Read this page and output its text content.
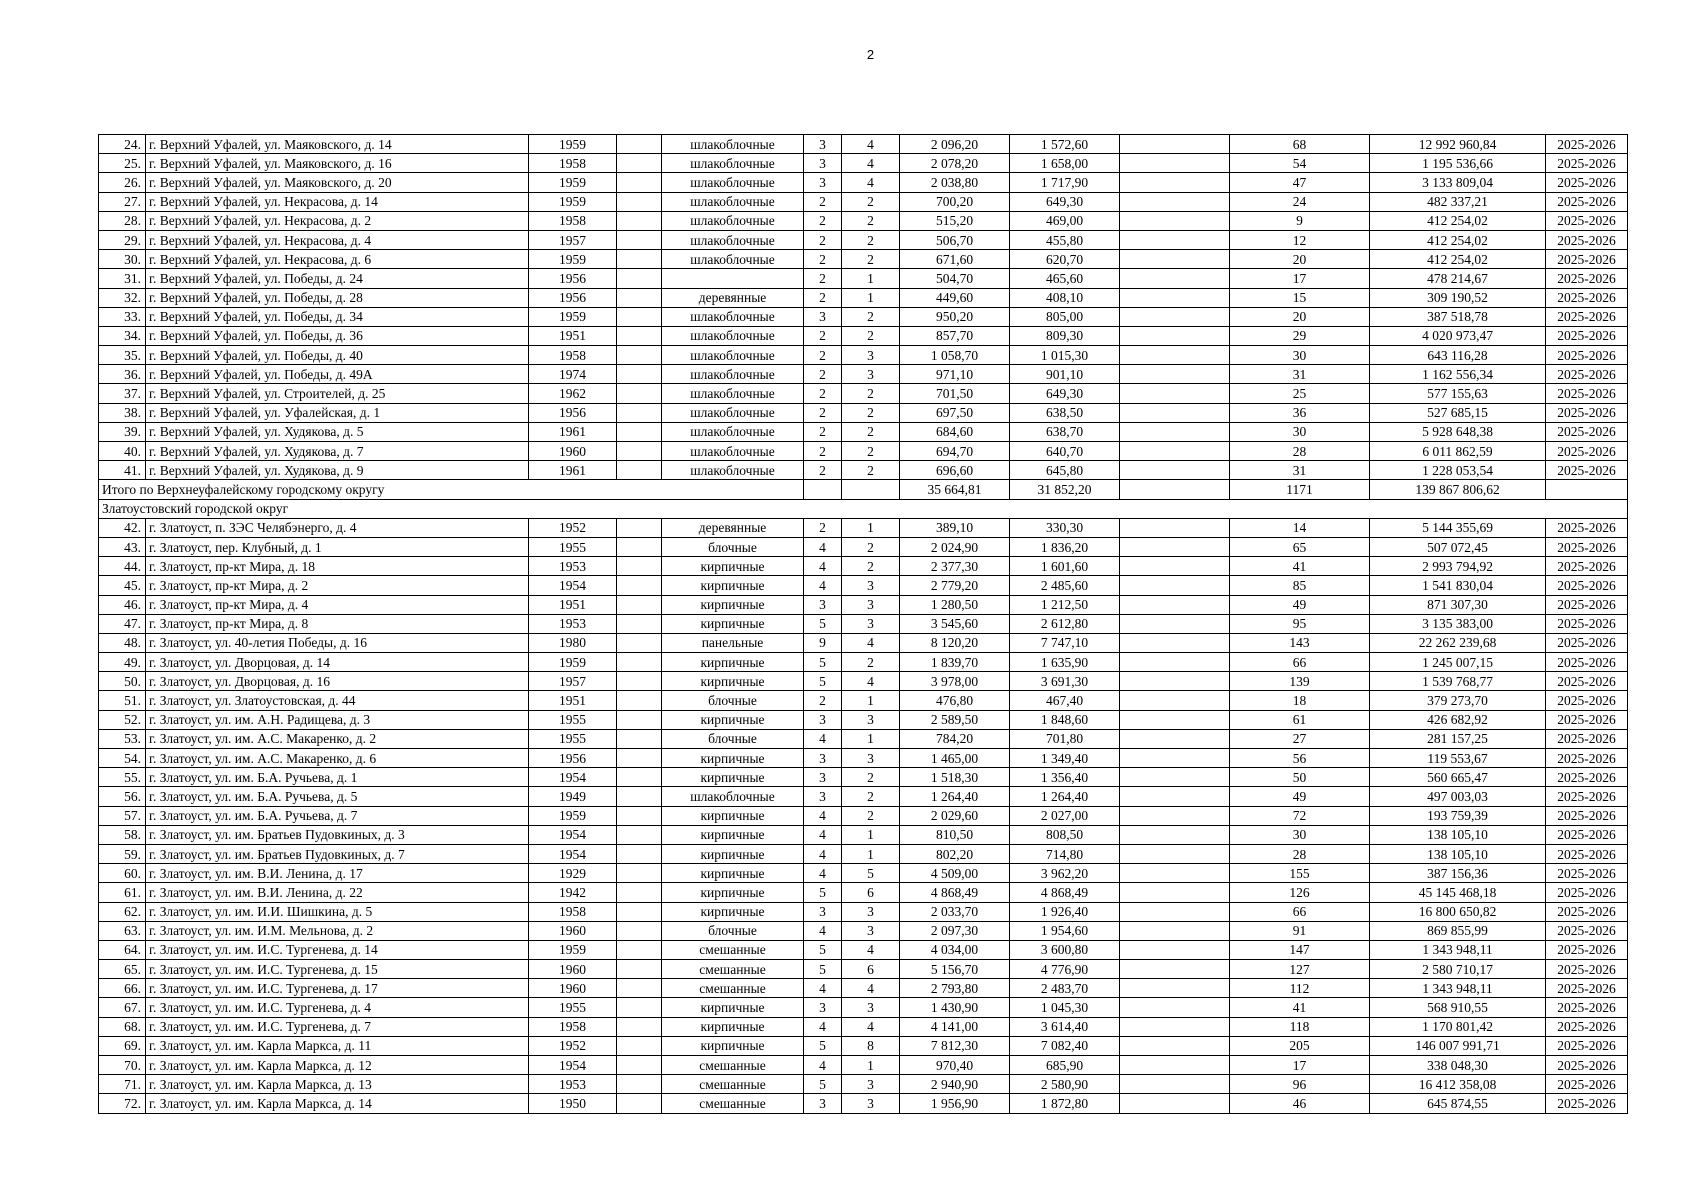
2
24.	г. Верхний Уфалей, ул. Маяковского, д. 14	1959		шлакоблочные	3	4	2 096,20	1 572,60		68	12 992 960,84	2025-2026
25.	г. Верхний Уфалей, ул. Маяковского, д. 16	1958		шлакоблочные	3	4	2 078,20	1 658,00		54	1 195 536,66	2025-2026
26.	г. Верхний Уфалей, ул. Маяковского, д. 20	1959		шлакоблочные	3	4	2 038,80	1 717,90		47	3 133 809,04	2025-2026
27.	г. Верхний Уфалей, ул. Некрасова, д. 14	1959		шлакоблочные	2	2	700,20	649,30		24	482 337,21	2025-2026
28.	г. Верхний Уфалей, ул. Некрасова, д. 2	1958		шлакоблочные	2	2	515,20	469,00		9	412 254,02	2025-2026
29.	г. Верхний Уфалей, ул. Некрасова, д. 4	1957		шлакоблочные	2	2	506,70	455,80		12	412 254,02	2025-2026
30.	г. Верхний Уфалей, ул. Некрасова, д. 6	1959		шлакоблочные	2	2	671,60	620,70		20	412 254,02	2025-2026
31.	г. Верхний Уфалей, ул. Победы, д. 24	1956			2	1	504,70	465,60		17	478 214,67	2025-2026
32.	г. Верхний Уфалей, ул. Победы, д. 28	1956		деревянные	2	1	449,60	408,10		15	309 190,52	2025-2026
33.	г. Верхний Уфалей, ул. Победы, д. 34	1959		шлакоблочные	3	2	950,20	805,00		20	387 518,78	2025-2026
34.	г. Верхний Уфалей, ул. Победы, д. 36	1951		шлакоблочные	2	2	857,70	809,30		29	4 020 973,47	2025-2026
35.	г. Верхний Уфалей, ул. Победы, д. 40	1958		шлакоблочные	2	3	1 058,70	1 015,30		30	643 116,28	2025-2026
36.	г. Верхний Уфалей, ул. Победы, д. 49А	1974		шлакоблочные	2	3	971,10	901,10		31	1 162 556,34	2025-2026
37.	г. Верхний Уфалей, ул. Строителей, д. 25	1962		шлакоблочные	2	2	701,50	649,30		25	577 155,63	2025-2026
38.	г. Верхний Уфалей, ул. Уфалейская, д. 1	1956		шлакоблочные	2	2	697,50	638,50		36	527 685,15	2025-2026
39.	г. Верхний Уфалей, ул. Худякова, д. 5	1961		шлакоблочные	2	2	684,60	638,70		30	5 928 648,38	2025-2026
40.	г. Верхний Уфалей, ул. Худякова, д. 7	1960		шлакоблочные	2	2	694,70	640,70		28	6 011 862,59	2025-2026
41.	г. Верхний Уфалей, ул. Худякова, д. 9	1961		шлакоблочные	2	2	696,60	645,80		31	1 228 053,54	2025-2026
Итого по Верхнеуфалейскому городскому округу							35 664,81	31 852,20		1171	139 867 806,62	
Златоустовский городской округ												
42.	г. Златоуст, п. ЗЭС Челябэнерго, д. 4	1952		деревянные	2	1	389,10	330,30		14	5 144 355,69	2025-2026
43.	г. Златоуст, пер. Клубный, д. 1	1955		блочные	4	2	2 024,90	1 836,20		65	507 072,45	2025-2026
44.	г. Златоуст, пр-кт Мира, д. 18	1953		кирпичные	4	2	2 377,30	1 601,60		41	2 993 794,92	2025-2026
45.	г. Златоуст, пр-кт Мира, д. 2	1954		кирпичные	4	3	2 779,20	2 485,60		85	1 541 830,04	2025-2026
46.	г. Златоуст, пр-кт Мира, д. 4	1951		кирпичные	3	3	1 280,50	1 212,50		49	871 307,30	2025-2026
47.	г. Златоуст, пр-кт Мира, д. 8	1953		кирпичные	5	3	3 545,60	2 612,80		95	3 135 383,00	2025-2026
48.	г. Златоуст, ул. 40-летия Победы, д. 16	1980		панельные	9	4	8 120,20	7 747,10		143	22 262 239,68	2025-2026
49.	г. Златоуст, ул. Дворцовая, д. 14	1959		кирпичные	5	2	1 839,70	1 635,90		66	1 245 007,15	2025-2026
50.	г. Златоуст, ул. Дворцовая, д. 16	1957		кирпичные	5	4	3 978,00	3 691,30		139	1 539 768,77	2025-2026
51.	г. Златоуст, ул. Златоустовская, д. 44	1951		блочные	2	1	476,80	467,40		18	379 273,70	2025-2026
52.	г. Златоуст, ул. им. А.Н. Радищева, д. 3	1955		кирпичные	3	3	2 589,50	1 848,60		61	426 682,92	2025-2026
53.	г. Златоуст, ул. им. А.С. Макаренко, д. 2	1955		блочные	4	1	784,20	701,80		27	281 157,25	2025-2026
54.	г. Златоуст, ул. им. А.С. Макаренко, д. 6	1956		кирпичные	3	3	1 465,00	1 349,40		56	119 553,67	2025-2026
55.	г. Златоуст, ул. им. Б.А. Ручьева, д. 1	1954		кирпичные	3	2	1 518,30	1 356,40		50	560 665,47	2025-2026
56.	г. Златоуст, ул. им. Б.А. Ручьева, д. 5	1949		шлакоблочные	3	2	1 264,40	1 264,40		49	497 003,03	2025-2026
57.	г. Златоуст, ул. им. Б.А. Ручьева, д. 7	1959		кирпичные	4	2	2 029,60	2 027,00		72	193 759,39	2025-2026
58.	г. Златоуст, ул. им. Братьев Пудовкиных, д. 3	1954		кирпичные	4	1	810,50	808,50		30	138 105,10	2025-2026
59.	г. Златоуст, ул. им. Братьев Пудовкиных, д. 7	1954		кирпичные	4	1	802,20	714,80		28	138 105,10	2025-2026
60.	г. Златоуст, ул. им. В.И. Ленина, д. 17	1929		кирпичные	4	5	4 509,00	3 962,20		155	387 156,36	2025-2026
61.	г. Златоуст, ул. им. В.И. Ленина, д. 22	1942		кирпичные	5	6	4 868,49	4 868,49		126	45 145 468,18	2025-2026
62.	г. Златоуст, ул. им. И.И. Шишкина, д. 5	1958		кирпичные	3	3	2 033,70	1 926,40		66	16 800 650,82	2025-2026
63.	г. Златоуст, ул. им. И.М. Мельнова, д. 2	1960		блочные	4	3	2 097,30	1 954,60		91	869 855,99	2025-2026
64.	г. Златоуст, ул. им. И.С. Тургенева, д. 14	1959		смешанные	5	4	4 034,00	3 600,80		147	1 343 948,11	2025-2026
65.	г. Златоуст, ул. им. И.С. Тургенева, д. 15	1960		смешанные	5	6	5 156,70	4 776,90		127	2 580 710,17	2025-2026
66.	г. Златоуст, ул. им. И.С. Тургенева, д. 17	1960		смешанные	4	4	2 793,80	2 483,70		112	1 343 948,11	2025-2026
67.	г. Златоуст, ул. им. И.С. Тургенева, д. 4	1955		кирпичные	3	3	1 430,90	1 045,30		41	568 910,55	2025-2026
68.	г. Златоуст, ул. им. И.С. Тургенева, д. 7	1958		кирпичные	4	4	4 141,00	3 614,40		118	1 170 801,42	2025-2026
69.	г. Златоуст, ул. им. Карла Маркса, д. 11	1952		кирпичные	5	8	7 812,30	7 082,40		205	146 007 991,71	2025-2026
70.	г. Златоуст, ул. им. Карла Маркса, д. 12	1954		смешанные	4	1	970,40	685,90		17	338 048,30	2025-2026
71.	г. Златоуст, ул. им. Карла Маркса, д. 13	1953		смешанные	5	3	2 940,90	2 580,90		96	16 412 358,08	2025-2026
72.	г. Златоуст, ул. им. Карла Маркса, д. 14	1950		смешанные	3	3	1 956,90	1 872,80		46	645 874,55	2025-2026
